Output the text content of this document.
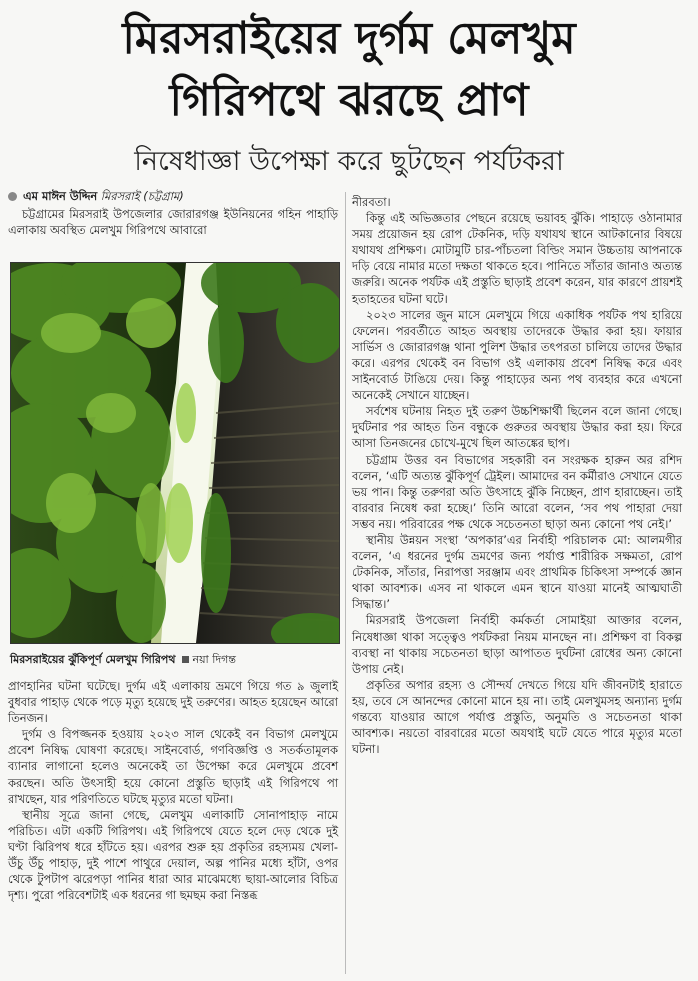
মিরসরাইয়ের দুর্গম মেলখুম
গিরিপথে ঝরছে প্রাণ
নিষেধাজ্ঞা উপেক্ষা করে ছুটছেন পর্যটকরা
এম মাঈন উদ্দিন মিরসরাই (চট্টগ্রাম)

চট্টগ্রামের মিরসরাই উপজেলার জোরারগঞ্জ ইউনিয়নের গহিন পাহাড়ি এলাকায় অবস্থিত মেলখুম গিরিপথে আবারো

মিরসরাইয়ের ঝুঁকিপূর্ণ মেলখুম গিরিপথ নয়া দিগন্ত

প্রাণহানির ঘটনা ঘটেছে। দুর্গম এই এলাকায় ভ্রমণে গিয়ে গত ৯ জুলাই বুধবার পাহাড় থেকে পড়ে মৃত্যু হয়েছে দুই তরুণের। আহত হয়েছেন আরো তিনজন।

দুর্গম ও বিপজ্জনক হওয়ায় ২০২৩ সাল থেকেই বন বিভাগ মেলখুমে প্রবেশ নিষিদ্ধ ঘোষণা করেছে। সাইনবোর্ড, গণবিজ্ঞপ্তি ও সতর্কতামূলক ব্যানার লাগানো হলেও অনেকেই তা উপেক্ষা করে মেলখুমে প্রবেশ করছেন। অতি উৎসাহী হয়ে কোনো প্রস্তুতি ছাড়াই এই গিরিপথে পা রাখছেন, যার পরিণতিতে ঘটছে মৃত্যুর মতো ঘটনা।

স্থানীয় সূত্রে জানা গেছে, মেলখুম এলাকাটি সোনাপাহাড় নামে পরিচিত। এটা একটি গিরিপথ। এই গিরিপথে যেতে হলে দেড় থেকে দুই ঘণ্টা ঝিরিপথ ধরে হাঁটতে হয়। এরপর শুরু হয় প্রকৃতির রহস্যময় খেলা- উঁচু উঁচু পাহাড়, দুই পাশে পাথুরে দেয়াল, অল্প পানির মধ্যে হাঁটা, ওপর থেকে টুপটাপ ঝরেপড়া পানির ধারা আর মাঝেমধ্যে ছায়া-আলোর বিচিত্র দৃশ্য। পুরো পরিবেশটাই এক ধরনের গা ছমছম করা নিস্তব্ধ

নীরবতা।

কিন্তু এই অভিজ্ঞতার পেছনে রয়েছে ভয়াবহ ঝুঁকি। পাহাড়ে ওঠানামার সময় প্রয়োজন হয় রোপ টেকনিক, দড়ি যথাযথ স্থানে আটকানোর বিষয়ে যথাযথ প্রশিক্ষণ। মোটামুটি চার-পাঁচতলা বিল্ডিং সমান উচ্চতায় আপনাকে দড়ি বেয়ে নামার মতো দক্ষতা থাকতে হবে। পানিতে সাঁতার জানাও অত্যন্ত জরুরি। অনেক পর্যটক এই প্রস্তুতি ছাড়াই প্রবেশ করেন, যার কারণে প্রায়শই হতাহতের ঘটনা ঘটে।

২০২৩ সালের জুন মাসে মেলখুমে গিয়ে একাধিক পর্যটক পথ হারিয়ে ফেলেন। পরবর্তীতে আহত অবস্থায় তাদেরকে উদ্ধার করা হয়। ফায়ার সার্ভিস ও জোরারগঞ্জ থানা পুলিশ উদ্ধার তৎপরতা চালিয়ে তাদের উদ্ধার করে। এরপর থেকেই বন বিভাগ ওই এলাকায় প্রবেশ নিষিদ্ধ করে এবং সাইনবোর্ড টাঙিয়ে দেয়। কিন্তু পাহাড়ের অন্য পথ ব্যবহার করে এখনো অনেকেই সেখানে যাচ্ছেন।

সর্বশেষ ঘটনায় নিহত দুই তরুণ উচ্চশিক্ষার্থী ছিলেন বলে জানা গেছে। দুর্ঘটনার পর আহত তিন বন্ধুকে গুরুতর অবস্থায় উদ্ধার করা হয়। ফিরে আসা তিনজনের চোখে-মুখে ছিল আতঙ্কের ছাপ।

চট্টগ্রাম উত্তর বন বিভাগের সহকারী বন সংরক্ষক হারুন অর রশিদ বলেন, ‘এটি অত্যন্ত ঝুঁকিপূর্ণ ট্রেইল। আমাদের বন কর্মীরাও সেখানে যেতে ভয় পান। কিন্তু তরুণরা অতি উৎসাহে ঝুঁকি নিচ্ছেন, প্রাণ হারাচ্ছেন। তাই বারবার নিষেধ করা হচ্ছে।’ তিনি আরো বলেন, ‘সব পথ পাহারা দেয়া সম্ভব নয়। পরিবারের পক্ষ থেকে সচেতনতা ছাড়া অন্য কোনো পথ নেই।’

স্থানীয় উন্নয়ন সংস্থা ‘অপকার’এর নির্বাহী পরিচালক মো: আলমগীর বলেন, ‘এ ধরনের দুর্গম ভ্রমণের জন্য পর্যাপ্ত শারীরিক সক্ষমতা, রোপ টেকনিক, সাঁতার, নিরাপত্তা সরঞ্জাম এবং প্রাথমিক চিকিৎসা সম্পর্কে জ্ঞান থাকা আবশ্যক। এসব না থাকলে এমন স্থানে যাওয়া মানেই আত্মঘাতী সিদ্ধান্ত।’

মিরসরাই উপজেলা নির্বাহী কর্মকর্তা সোমাইয়া আক্তার বলেন, নিষেধাজ্ঞা থাকা সত্ত্বেও পর্যটকরা নিয়ম মানছেন না। প্রশিক্ষণ বা বিকল্প ব্যবস্থা না থাকায় সচেতনতা ছাড়া আপাতত দুর্ঘটনা রোধের অন্য কোনো উপায় নেই।

প্রকৃতির অপার রহস্য ও সৌন্দর্য দেখতে গিয়ে যদি জীবনটাই হারাতে হয়, তবে সে আনন্দের কোনো মানে হয় না। তাই মেলখুমসহ অন্যান্য দুর্গম গন্তব্যে যাওয়ার আগে পর্যাপ্ত প্রস্তুতি, অনুমতি ও সচেতনতা থাকা আবশ্যক। নয়তো বারবারের মতো অযথাই ঘটে যেতে পারে মৃত্যুর মতো ঘটনা।
